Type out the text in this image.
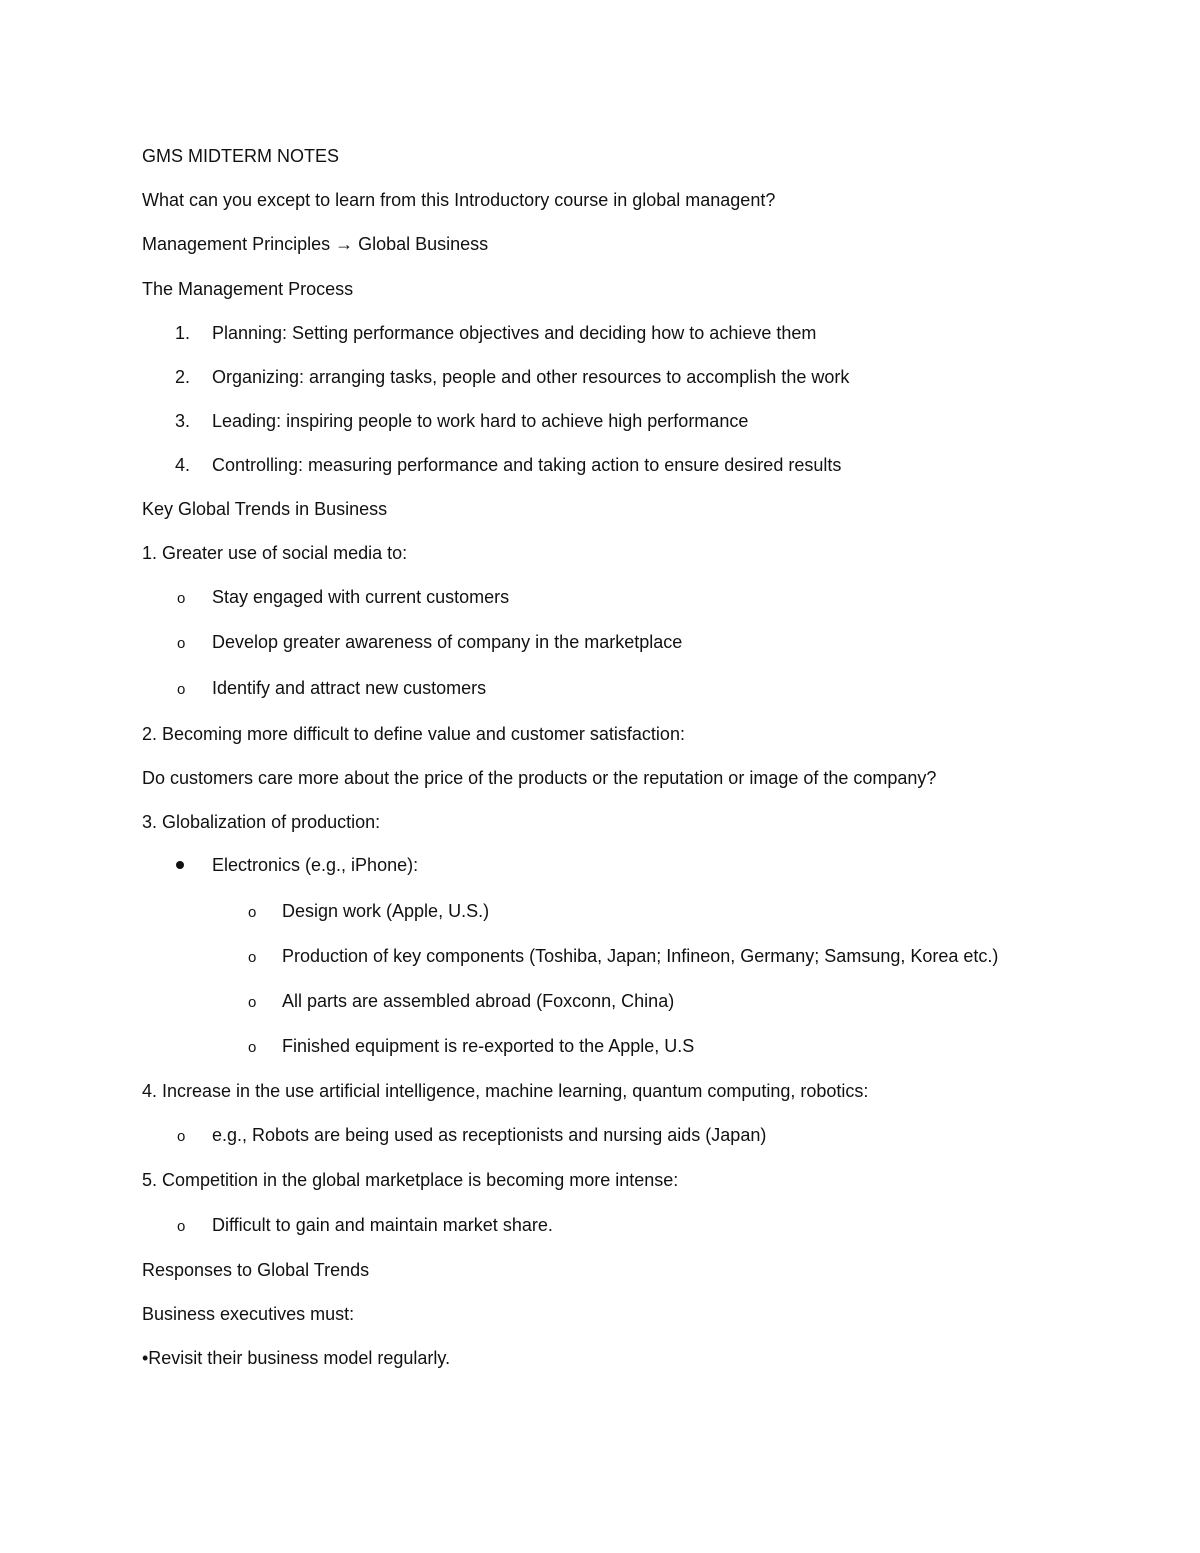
GMS MIDTERM NOTES
What can you except to learn from this Introductory course in global managent?
Management Principles → Global Business
The Management Process
1. Planning: Setting performance objectives and deciding how to achieve them
2. Organizing: arranging tasks, people and other resources to accomplish the work
3. Leading: inspiring people to work hard to achieve high performance
4. Controlling: measuring performance and taking action to ensure desired results
Key Global Trends in Business
1. Greater use of social media to:
o Stay engaged with current customers
o Develop greater awareness of company in the marketplace
o Identify and attract new customers
2. Becoming more difficult to define value and customer satisfaction:
Do customers care more about the price of the products or the reputation or image of the company?
3. Globalization of production:
Electronics (e.g., iPhone):
o Design work (Apple, U.S.)
o Production of key components (Toshiba, Japan; Infineon, Germany; Samsung, Korea etc.)
o All parts are assembled abroad (Foxconn, China)
o Finished equipment is re-exported to the Apple, U.S
4. Increase in the use artificial intelligence, machine learning, quantum computing, robotics:
o e.g., Robots are being used as receptionists and nursing aids (Japan)
5. Competition in the global marketplace is becoming more intense:
o Difficult to gain and maintain market share.
Responses to Global Trends
Business executives must:
•Revisit their business model regularly.
